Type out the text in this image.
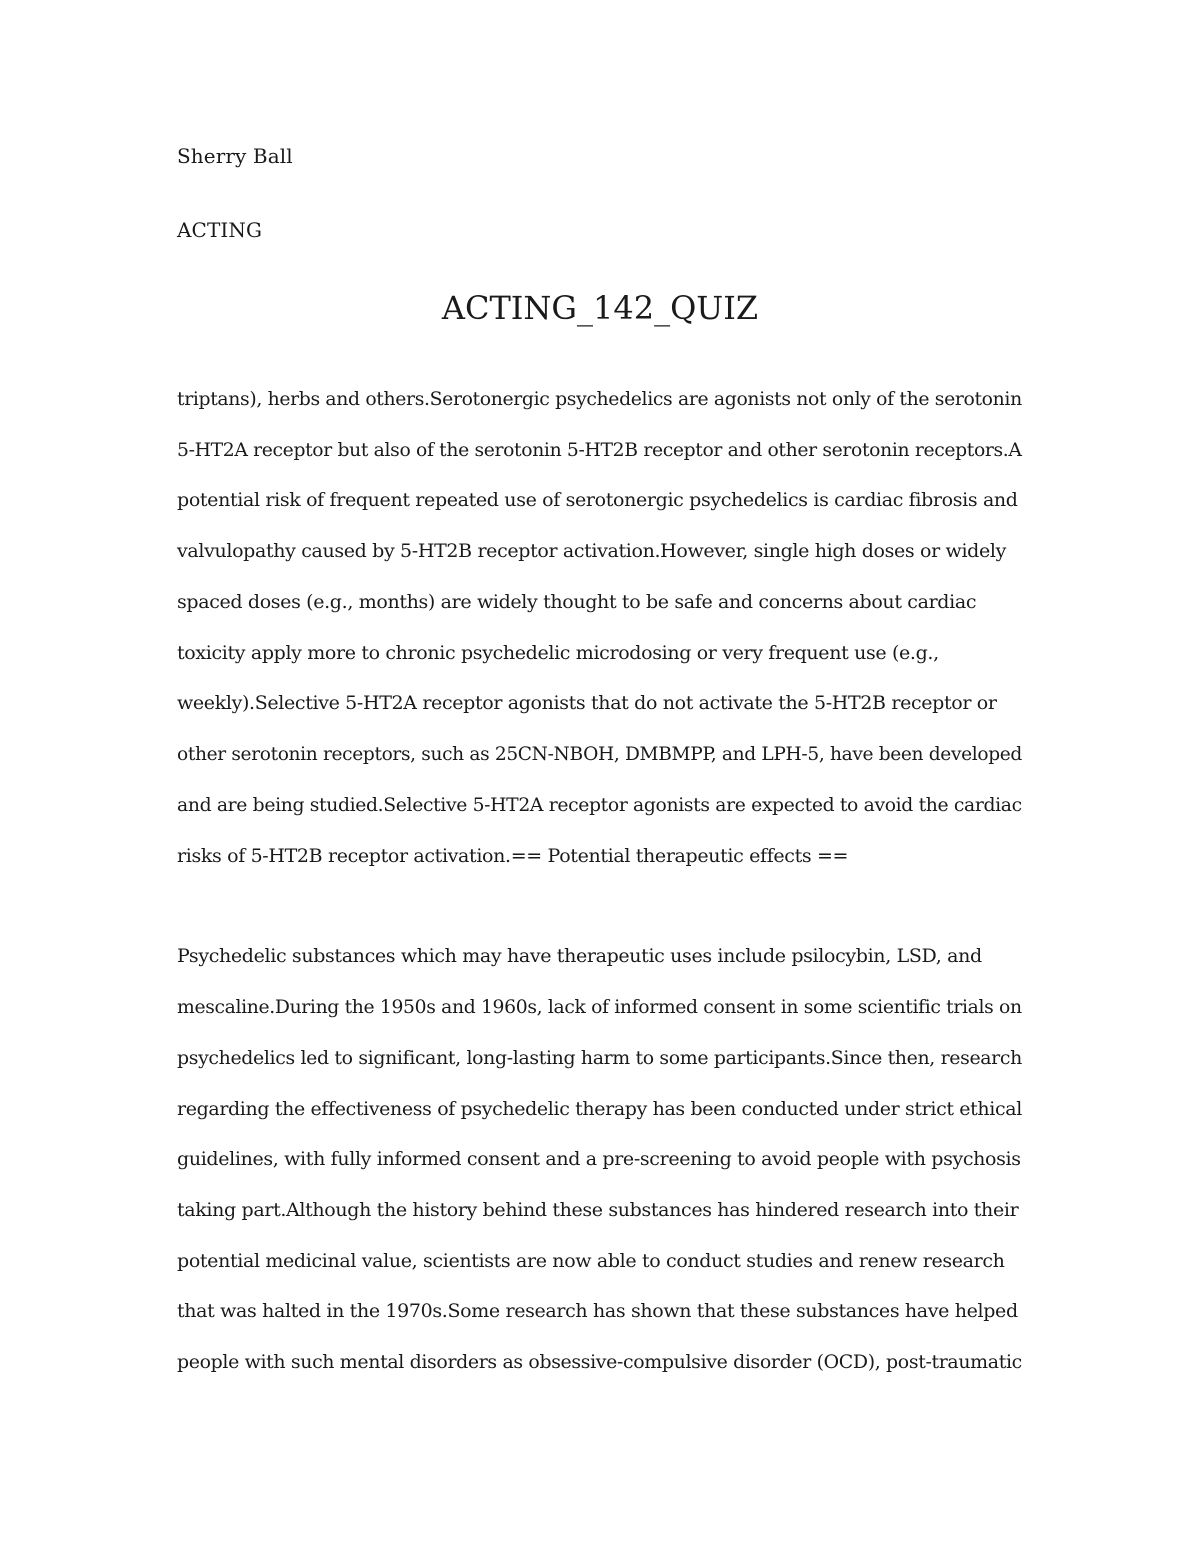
Sherry Ball
ACTING
ACTING_142_QUIZ
triptans), herbs and others.Serotonergic psychedelics are agonists not only of the serotonin
5-HT2A receptor but also of the serotonin 5-HT2B receptor and other serotonin receptors.A
potential risk of frequent repeated use of serotonergic psychedelics is cardiac fibrosis and
valvulopathy caused by 5-HT2B receptor activation.However, single high doses or widely
spaced doses (e.g., months) are widely thought to be safe and concerns about cardiac
toxicity apply more to chronic psychedelic microdosing or very frequent use (e.g.,
weekly).Selective 5-HT2A receptor agonists that do not activate the 5-HT2B receptor or
other serotonin receptors, such as 25CN-NBOH, DMBMPP, and LPH-5, have been developed
and are being studied.Selective 5-HT2A receptor agonists are expected to avoid the cardiac
risks of 5-HT2B receptor activation.== Potential therapeutic effects ==
Psychedelic substances which may have therapeutic uses include psilocybin, LSD, and
mescaline.During the 1950s and 1960s, lack of informed consent in some scientific trials on
psychedelics led to significant, long-lasting harm to some participants.Since then, research
regarding the effectiveness of psychedelic therapy has been conducted under strict ethical
guidelines, with fully informed consent and a pre-screening to avoid people with psychosis
taking part.Although the history behind these substances has hindered research into their
potential medicinal value, scientists are now able to conduct studies and renew research
that was halted in the 1970s.Some research has shown that these substances have helped
people with such mental disorders as obsessive-compulsive disorder (OCD), post-traumatic
